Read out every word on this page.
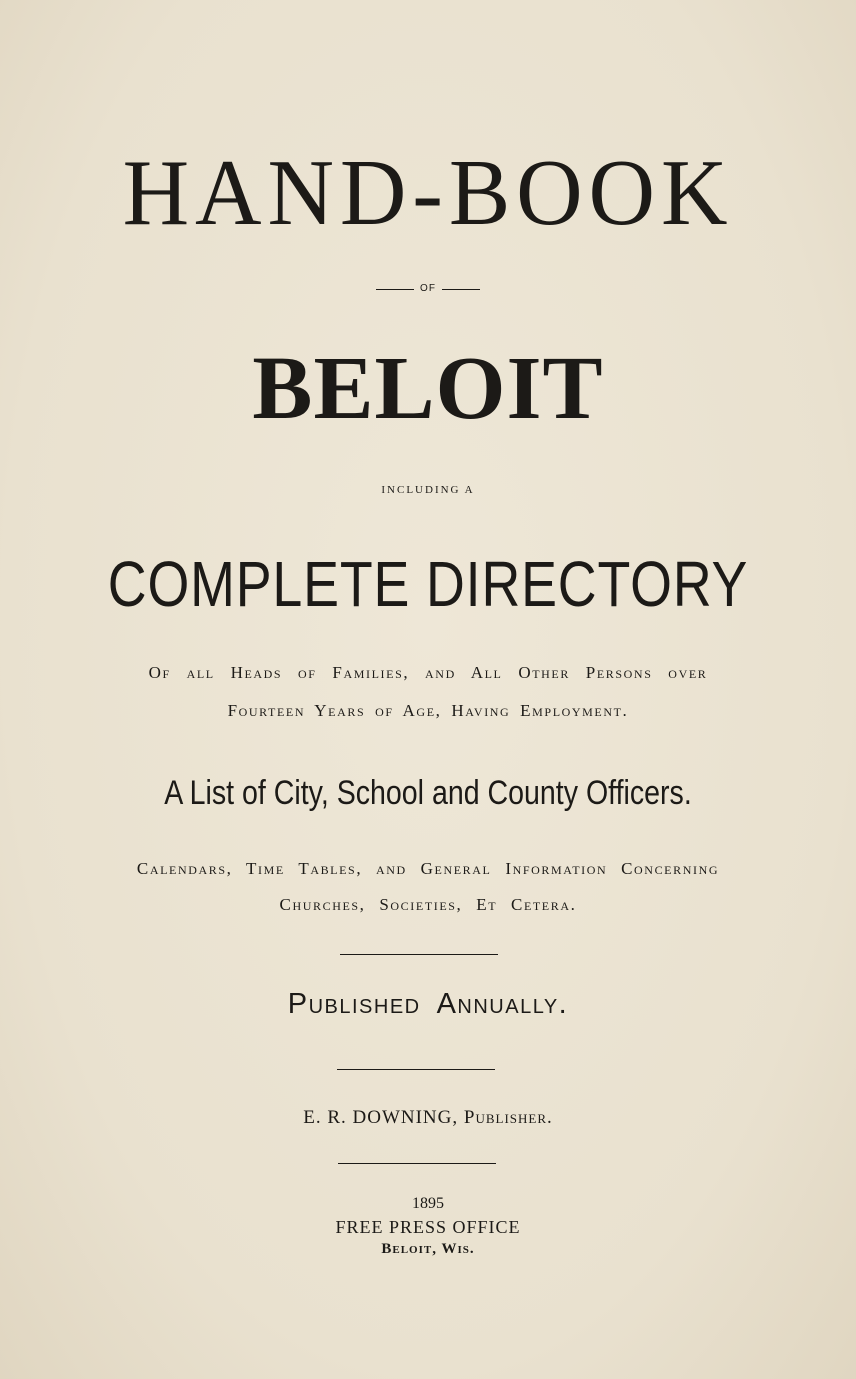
HAND-BOOK
OF
BELOIT
INCLUDING A
COMPLETE DIRECTORY
Of all Heads of Families, and All Other Persons over
Fourteen Years of Age, Having Employment.
A List of City, School and County Officers.
Calendars, Time Tables, and General Information Concerning
Churches, Societies, Et Cetera.
Published Annually.
E. R. DOWNING, Publisher.
1895
FREE PRESS OFFICE
Beloit, Wis.
